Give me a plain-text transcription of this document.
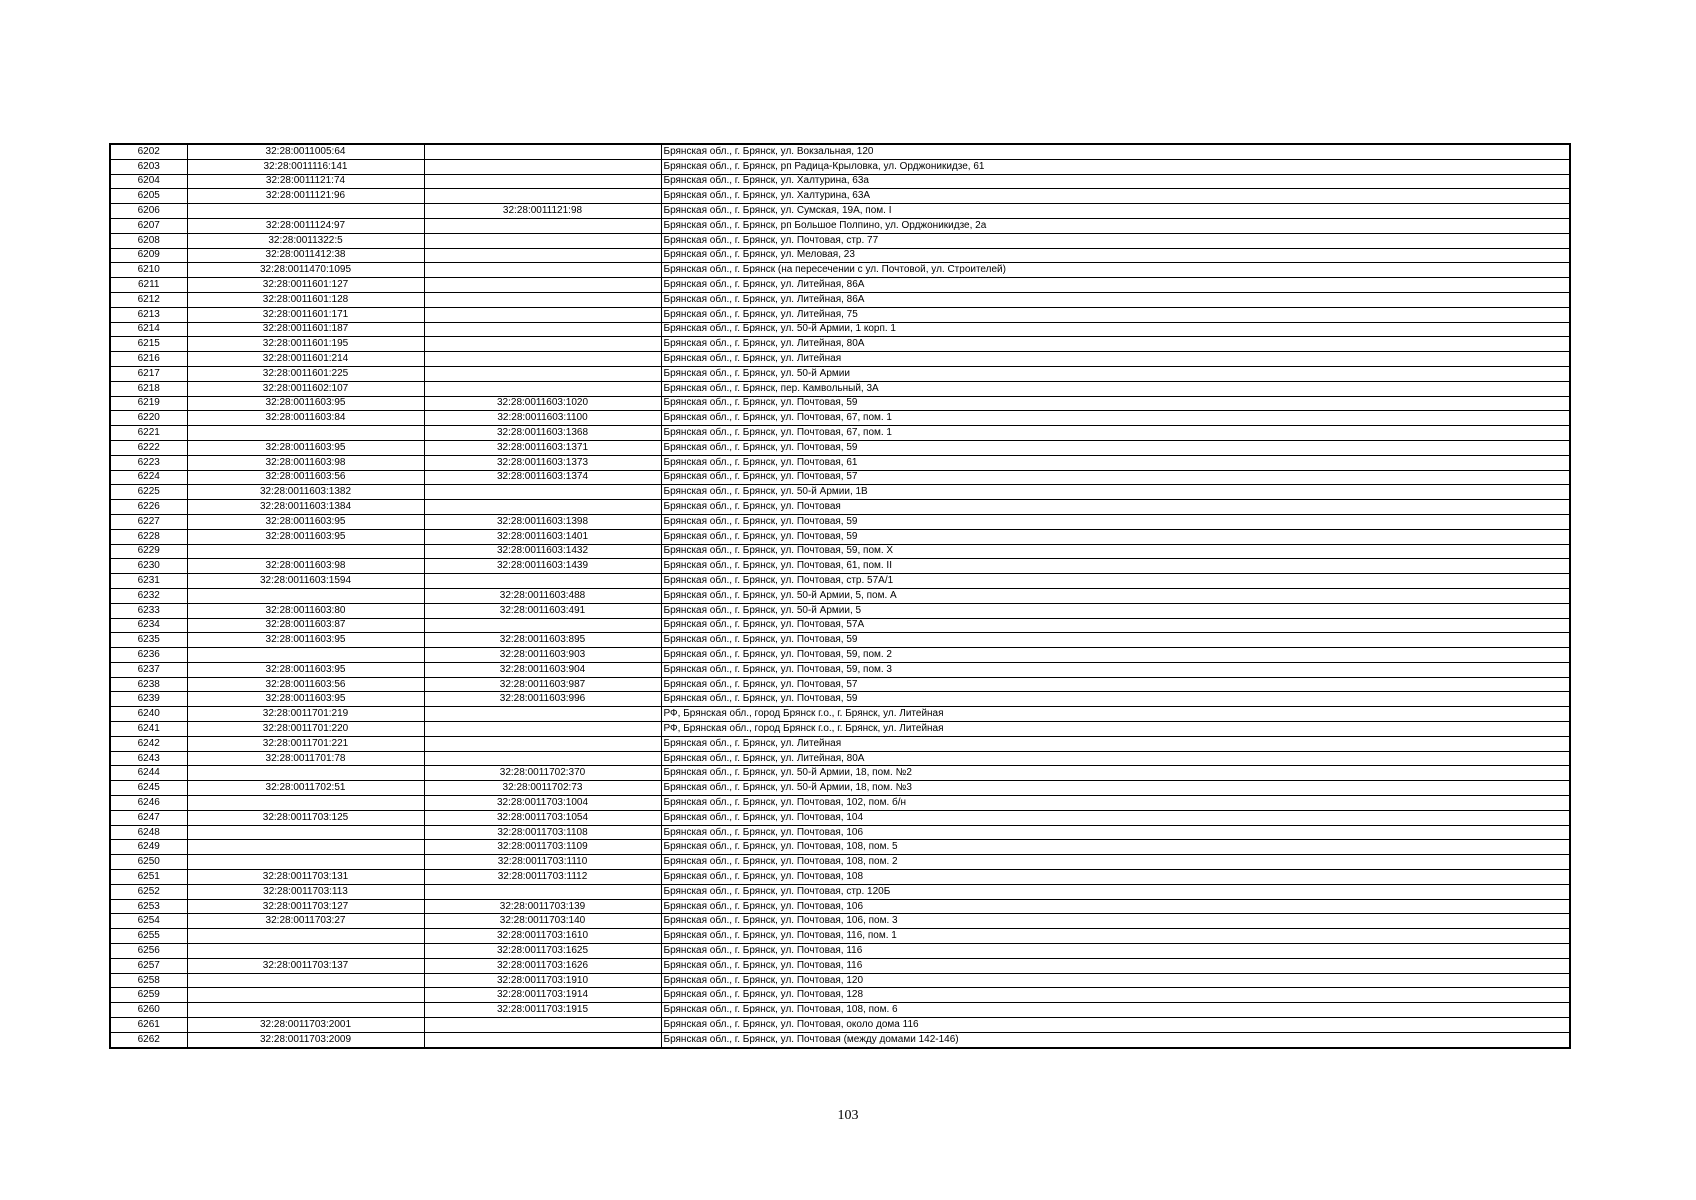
6202	32:28:0011005:64		Брянская обл., г. Брянск, ул. Вокзальная, 120
6203	32:28:0011116:141		Брянская обл., г. Брянск, рп Радица-Крыловка, ул. Орджоникидзе, 61
6204	32:28:0011121:74		Брянская обл., г. Брянск, ул. Халтурина, 63а
6205	32:28:0011121:96		Брянская обл., г. Брянск, ул. Халтурина, 63А
6206		32:28:0011121:98	Брянская обл., г. Брянск, ул. Сумская, 19А, пом. I
6207	32:28:0011124:97		Брянская обл., г. Брянск, рп Большое Полпино, ул. Орджоникидзе, 2а
6208	32:28:0011322:5		Брянская обл., г. Брянск, ул. Почтовая, стр. 77
6209	32:28:0011412:38		Брянская обл., г. Брянск, ул. Меловая, 23
6210	32:28:0011470:1095		Брянская обл., г. Брянск (на пересечении с ул. Почтовой, ул. Строителей)
6211	32:28:0011601:127		Брянская обл., г. Брянск, ул. Литейная, 86А
6212	32:28:0011601:128		Брянская обл., г. Брянск, ул. Литейная, 86А
6213	32:28:0011601:171		Брянская обл., г. Брянск, ул. Литейная, 75
6214	32:28:0011601:187		Брянская обл., г. Брянск, ул. 50-й Армии, 1 корп. 1
6215	32:28:0011601:195		Брянская обл., г. Брянск, ул. Литейная, 80А
6216	32:28:0011601:214		Брянская обл., г. Брянск, ул. Литейная
6217	32:28:0011601:225		Брянская обл., г. Брянск, ул. 50-й Армии
6218	32:28:0011602:107		Брянская обл., г. Брянск, пер. Камвольный, 3А
6219	32:28:0011603:95	32:28:0011603:1020	Брянская обл., г. Брянск, ул. Почтовая, 59
6220	32:28:0011603:84	32:28:0011603:1100	Брянская обл., г. Брянск, ул. Почтовая, 67, пом. 1
6221		32:28:0011603:1368	Брянская обл., г. Брянск, ул. Почтовая, 67, пом. 1
6222	32:28:0011603:95	32:28:0011603:1371	Брянская обл., г. Брянск, ул. Почтовая, 59
6223	32:28:0011603:98	32:28:0011603:1373	Брянская обл., г. Брянск, ул. Почтовая, 61
6224	32:28:0011603:56	32:28:0011603:1374	Брянская обл., г. Брянск, ул. Почтовая, 57
6225	32:28:0011603:1382		Брянская обл., г. Брянск, ул. 50-й Армии, 1В
6226	32:28:0011603:1384		Брянская обл., г. Брянск, ул. Почтовая
6227	32:28:0011603:95	32:28:0011603:1398	Брянская обл., г. Брянск, ул. Почтовая, 59
6228	32:28:0011603:95	32:28:0011603:1401	Брянская обл., г. Брянск, ул. Почтовая, 59
6229		32:28:0011603:1432	Брянская обл., г. Брянск, ул. Почтовая, 59, пом. X
6230	32:28:0011603:98	32:28:0011603:1439	Брянская обл., г. Брянск, ул. Почтовая, 61, пом. II
6231	32:28:0011603:1594		Брянская обл., г. Брянск, ул. Почтовая, стр. 57А/1
6232		32:28:0011603:488	Брянская обл., г. Брянск, ул. 50-й Армии, 5, пом. А
6233	32:28:0011603:80	32:28:0011603:491	Брянская обл., г. Брянск, ул. 50-й Армии, 5
6234	32:28:0011603:87		Брянская обл., г. Брянск, ул. Почтовая, 57А
6235	32:28:0011603:95	32:28:0011603:895	Брянская обл., г. Брянск, ул. Почтовая, 59
6236		32:28:0011603:903	Брянская обл., г. Брянск, ул. Почтовая, 59, пом. 2
6237	32:28:0011603:95	32:28:0011603:904	Брянская обл., г. Брянск, ул. Почтовая, 59, пом. 3
6238	32:28:0011603:56	32:28:0011603:987	Брянская обл., г. Брянск, ул. Почтовая, 57
6239	32:28:0011603:95	32:28:0011603:996	Брянская обл., г. Брянск, ул. Почтовая, 59
6240	32:28:0011701:219		РФ, Брянская обл., город Брянск г.о., г. Брянск, ул. Литейная
6241	32:28:0011701:220		РФ, Брянская обл., город Брянск г.о., г. Брянск, ул. Литейная
6242	32:28:0011701:221		Брянская обл., г. Брянск, ул. Литейная
6243	32:28:0011701:78		Брянская обл., г. Брянск, ул. Литейная, 80А
6244		32:28:0011702:370	Брянская обл., г. Брянск, ул. 50-й Армии, 18, пом. №2
6245	32:28:0011702:51	32:28:0011702:73	Брянская обл., г. Брянск, ул. 50-й Армии, 18, пом. №3
6246		32:28:0011703:1004	Брянская обл., г. Брянск, ул. Почтовая, 102, пом. б/н
6247	32:28:0011703:125	32:28:0011703:1054	Брянская обл., г. Брянск, ул. Почтовая, 104
6248		32:28:0011703:1108	Брянская обл., г. Брянск, ул. Почтовая, 106
6249		32:28:0011703:1109	Брянская обл., г. Брянск, ул. Почтовая, 108, пом. 5
6250		32:28:0011703:1110	Брянская обл., г. Брянск, ул. Почтовая, 108, пом. 2
6251	32:28:0011703:131	32:28:0011703:1112	Брянская обл., г. Брянск, ул. Почтовая, 108
6252	32:28:0011703:113		Брянская обл., г. Брянск, ул. Почтовая, стр. 120Б
6253	32:28:0011703:127	32:28:0011703:139	Брянская обл., г. Брянск, ул. Почтовая, 106
6254	32:28:0011703:27	32:28:0011703:140	Брянская обл., г. Брянск, ул. Почтовая, 106, пом. 3
6255		32:28:0011703:1610	Брянская обл., г. Брянск, ул. Почтовая, 116, пом. 1
6256		32:28:0011703:1625	Брянская обл., г. Брянск, ул. Почтовая, 116
6257	32:28:0011703:137	32:28:0011703:1626	Брянская обл., г. Брянск, ул. Почтовая, 116
6258		32:28:0011703:1910	Брянская обл., г. Брянск, ул. Почтовая, 120
6259		32:28:0011703:1914	Брянская обл., г. Брянск, ул. Почтовая, 128
6260		32:28:0011703:1915	Брянская обл., г. Брянск, ул. Почтовая, 108, пом. 6
6261	32:28:0011703:2001		Брянская обл., г. Брянск, ул. Почтовая, около дома 116
6262	32:28:0011703:2009		Брянская обл., г. Брянск, ул. Почтовая (между домами 142-146)
103
